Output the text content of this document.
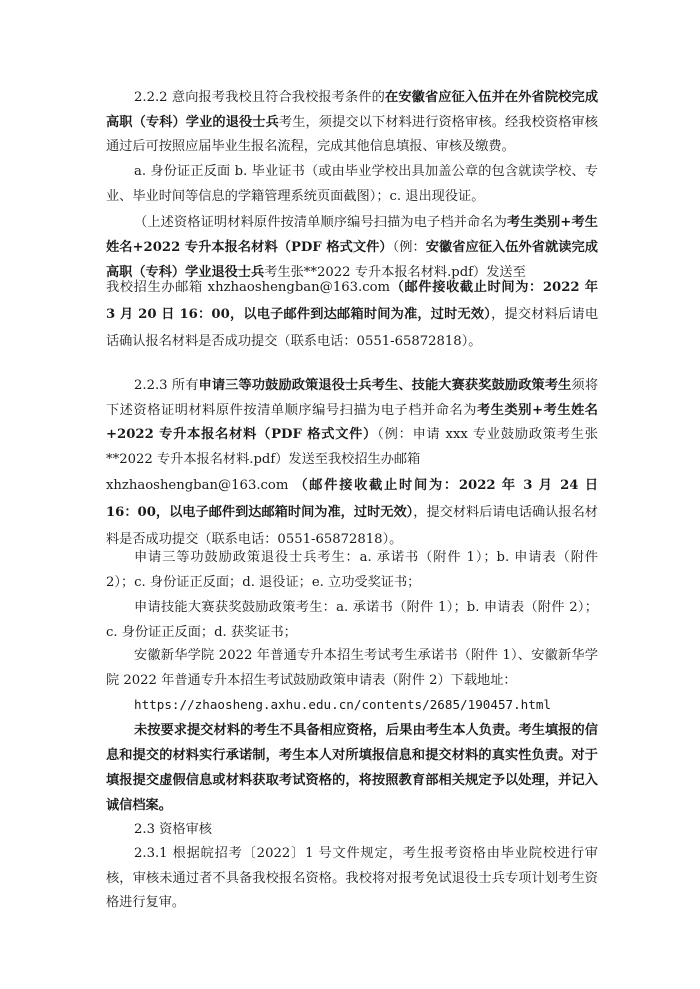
2.2.2 意向报考我校且符合我校报考条件的在安徽省应征入伍并在外省院校完成高职（专科）学业的退役士兵考生，须提交以下材料进行资格审核。经我校资格审核通过后可按照应届毕业生报名流程，完成其他信息填报、审核及缴费。

a. 身份证正反面 b. 毕业证书（或由毕业学校出具加盖公章的包含就读学校、专业、毕业时间等信息的学籍管理系统页面截图）；c. 退出现役证。

（上述资格证明材料原件按清单顺序编号扫描为电子档并命名为考生类别+考生姓名+2022 专升本报名材料（PDF 格式文件）（例：安徽省应征入伍外省就读完成高职（专科）学业退役士兵考生张**2022 专升本报名材料.pdf）发送至

我校招生办邮箱 xhzhaoshengban@163.com（邮件接收截止时间为：2022 年 3 月 20 日 16：00，以电子邮件到达邮箱时间为准，过时无效），提交材料后请电话确认报名材料是否成功提交（联系电话：0551-65872818）。

2.2.3 所有申请三等功鼓励政策退役士兵考生、技能大赛获奖鼓励政策考生须将下述资格证明材料原件按清单顺序编号扫描为电子档并命名为考生类别+考生姓名+2022 专升本报名材料（PDF 格式文件）（例：申请 xxx 专业鼓励政策考生张**2022 专升本报名材料.pdf）发送至我校招生办邮箱

xhzhaoshengban@163.com （邮件接收截止时间为：2022 年 3 月 24 日 16：00，以电子邮件到达邮箱时间为准，过时无效），提交材料后请电话确认报名材料是否成功提交（联系电话：0551-65872818）。

申请三等功鼓励政策退役士兵考生：a. 承诺书（附件 1）；b. 申请表（附件 2）；c. 身份证正反面；d. 退役证；e. 立功受奖证书；

申请技能大赛获奖鼓励政策考生：a. 承诺书（附件 1）；b. 申请表（附件 2）；c. 身份证正反面；d. 获奖证书；

安徽新华学院 2022 年普通专升本招生考试考生承诺书（附件 1）、安徽新华学院 2022 年普通专升本招生考试鼓励政策申请表（附件 2）下载地址：

https://zhaosheng.axhu.edu.cn/contents/2685/190457.html

未按要求提交材料的考生不具备相应资格，后果由考生本人负责。考生填报的信息和提交的材料实行承诺制，考生本人对所填报信息和提交材料的真实性负责。对于填报提交虚假信息或材料获取考试资格的，将按照教育部相关规定予以处理，并记入诚信档案。

2.3 资格审核

2.3.1 根据皖招考〔2022〕1 号文件规定，考生报考资格由毕业院校进行审核，审核未通过者不具备我校报名资格。我校将对报考免试退役士兵专项计划考生资格进行复审。
